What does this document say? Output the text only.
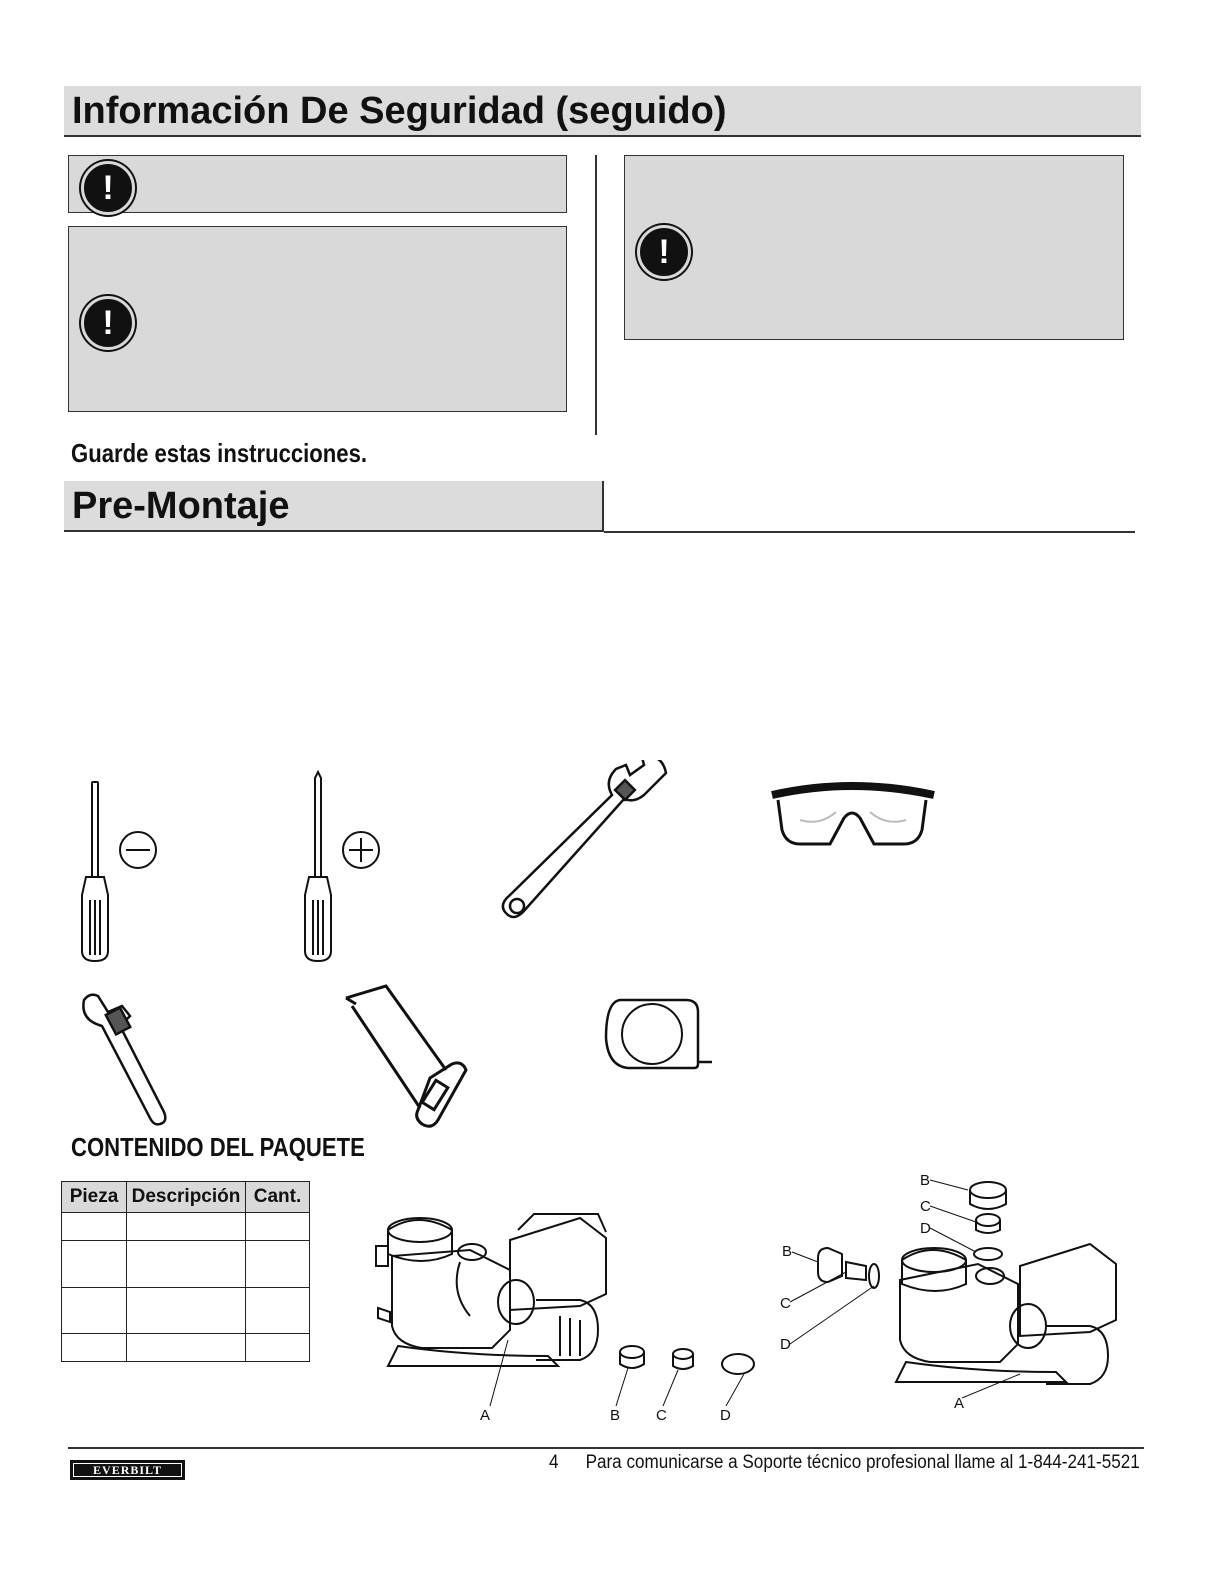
Información De Seguridad (seguido)
!
!
!
Guarde estas instrucciones.
Pre-Montaje
CONTENIDO DEL PAQUETE
Pieza	Descripción	Cant.

A	B C	D
A
B
C
D
B
C
D
EVERBILT	4 Para comunicarse a Soporte técnico profesional llame al 1-844-241-5521
